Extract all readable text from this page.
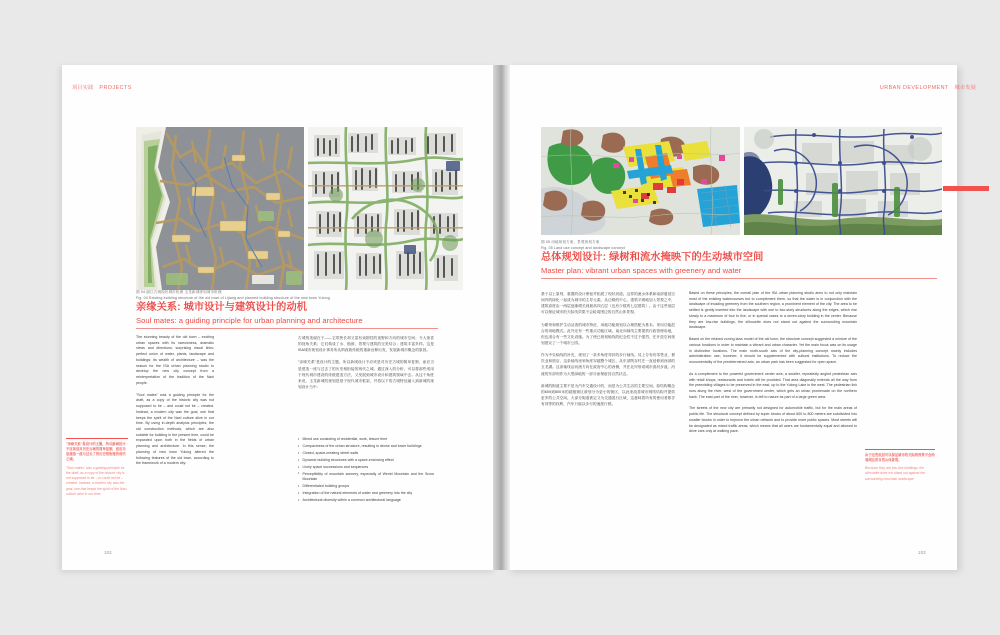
项目实践 PROJECTS	URBAN DEVELOPMENT 城市发展
图 04 丽江古城现状城市机理 玉龙新城规划城市机理
Fig. 04 Existing building structure of the old town of Lijiang and planned building structure of the new town Yulong
亲缘关系: 城市设计与建筑设计的动机
Soul mates: a guiding principle for urban planning and architecture

The stunning beauty of the old town – exciting urban spaces with its narrowness, dramatic views and directions; surprising visual links; perfect union of water, plants, landscape and buildings; its wealth of architecture – was the reason for the ISA urban planning studio to develop the new city concept from a reinterpretation of the tradition of the Naxi people.

"Soul mates" was a guiding principle for the draft, as a copy of the historic city was not supposed to be – and could not be – created. Instead, a modern city was the goal, one that keeps the spirit of the Naxi culture alive in our time. By using in-depth analysis principles, the old construction methods, which are also suitable for building in the present time, could be expanded upon both in the fields of urban planning and architecture. In this sense, the planning of new town Yulong altered the following features of the old town, according to the framework of a modern city:

• Mixed use consisting of residential, work, leisure time
• Compactness of the urban structure, resulting in dense and lower buildings
• Closed, space-creating street walls
• Dynamic building structures with a space-enclosing effect
• Lively space successions and sequences
• Perceptibility of mountain scenery, especially of Wenbi Mountain and the Snow Mountain
• Differentiated building groups
• Integration of the natural elements of water and greenery into the city
• Architectural diversity within a common architectural language

古城的美丽在于——它带狭长却又富有戏剧性的视野和方向的城市空间；令人惊喜的视角关系；它们构成了水、植被、景观与建筑的完美结合；建筑丰富多样。这是ISA城市规划设计事务所从纳西族传统的重新诠释出发，发展新城市概念的原因。

"亲缘关系"是设计的主题，所以新城设计不应该是对历史古城的简单复制，而应当是建造一座与过去了的历史相衔接的现代之城。通过深入的分析，可以将那些适用于现代城市建设的传统建造方法，又发展到城市设计和建筑领域中去。从这个角度来说，玉龙新城的规划是基于现代城市框架，并将以下的古城特征融入到新城的规划设计当中：

"亲缘关系"是设计的主题，所以新城设计不应该是对历史古城的简单复制，而应当是建造一座与过去了的历史相衔接的现代之城。
"Soul mates" was a guiding principle for the draft, as a copy of the historic city is not supposed to be – or could not be – created. Instead, a modern city was the goal, one that keeps the spirit of the Naxi culture alive in our time.
102
图 05 用地规划方案；景观规划方案
Fig. 05 Land use concept and landscape concept
总体规划设计: 绿树和流水掩映下的生动城市空间
Master plan: vibrant urban spaces with greenery and water

基于以上原则，重置的设计保留并拓展了现状河道。这样的流水体系和南部蔓延空间内的绿化一起成为城市的主导元素。从边缘的中心，建筑平缓地加入景观之中，建筑高度由一两层逐渐增长到最高四五层（也有少数的七层建筑）。由于这些低层可以保证城市的天际线效果不会给周围边的自然山体景观。

为繁荣和维护生动活泼的城市特征，用地功能规划以合理搭配为基本。采用功能混合的用地模式。此外还有一些重点功能区域。南北向轴线主要提供行政管理用地，但也适合有一些文化设施。为了使已规划轴线的纪念性不过于强烈，在开放空间规划建议了一个城市公园。

作为中央轴线的补充，规划了一条多角度弯折的步行轴线。其上分布有零售业、餐饮业和旅店，这条轴线里斜角度穿越整个城区，从东部既存村庄一直延伸到西部的玉龙湖。这条轴线沿河流方向在政府中心的西侧，并在北岸形成城市滨河步道。河流的东部则作为大型绿地的一部分而保留其自然状态。

新城的街道主要不是为汽车交通设计的，而是为公共生活的主要空间。原结构概念的600到800米的超级街区被划分为更小的街区，以此来改善城市网络结构并提供更多的公共空间。大部分街道被定义为交通混行区域，这意味着所有的使用者都享有同等的权利，汽车只能以步行的速度行驶。

Based on these principles, the overall plan of the ISA urban planning studio aims to not only maintain most of the existing watercourses but to complement them, so that the water is in conjunction with the landscape of invading greenery from the southern region, a prominent element of the city. The area to be settled is gently inserted into the landscape with one to two-story structures along the edges, which rise slowly to a maximum of four to five, or in special cases to a seven-story building in the center. Because they are low-rise buildings, the silhouette does not stand out against the surrounding mountain landscape.

Based on the relaxed zoning laws model of the old town, the structure concept suggested a mixture of the various functions in order to maintain a vibrant and urban character. Yet the main focus was on its usage in distinctive locations. The main north-south axis of the city-planning concept mainly includes administration use; however, it should be supplemented with cultural institutions. To reduce the monumentality of the predetermined axis, an urban park has been suggested for open space.

As a complement to the powerful government center axis, a smaller, repeatedly angled pedestrian axis with retail shops, restaurants and hotels will be provided. That area diagonally extends all the way from the preexisting villages to be preserved in the east, up to the Yulong Lake in the west. The pedestrian link runs along the river, west of the government center, which gets an urban promenade on the northern bank. The east part of the river, however, is left to nature as part of a large green area.

The streets of the new city are primarily not designed for automobile traffic, but for the main areas of public life. The structural concept defined by super blocks of about 600 to 800 meters are subdivided into smaller blocks in order to improve the urban network and to provide more public spaces. Most streets will be designated as mixed traffic areas, which means that all users are fundamentally equal and allowed to drive cars only at walking pace.

由于这些低层可以保证城市的天际线效果不会给周围边的自然山体景观。
Because they are low-rise buildings, the silhouette does not stand out against the surrounding mountain landscape.
103
